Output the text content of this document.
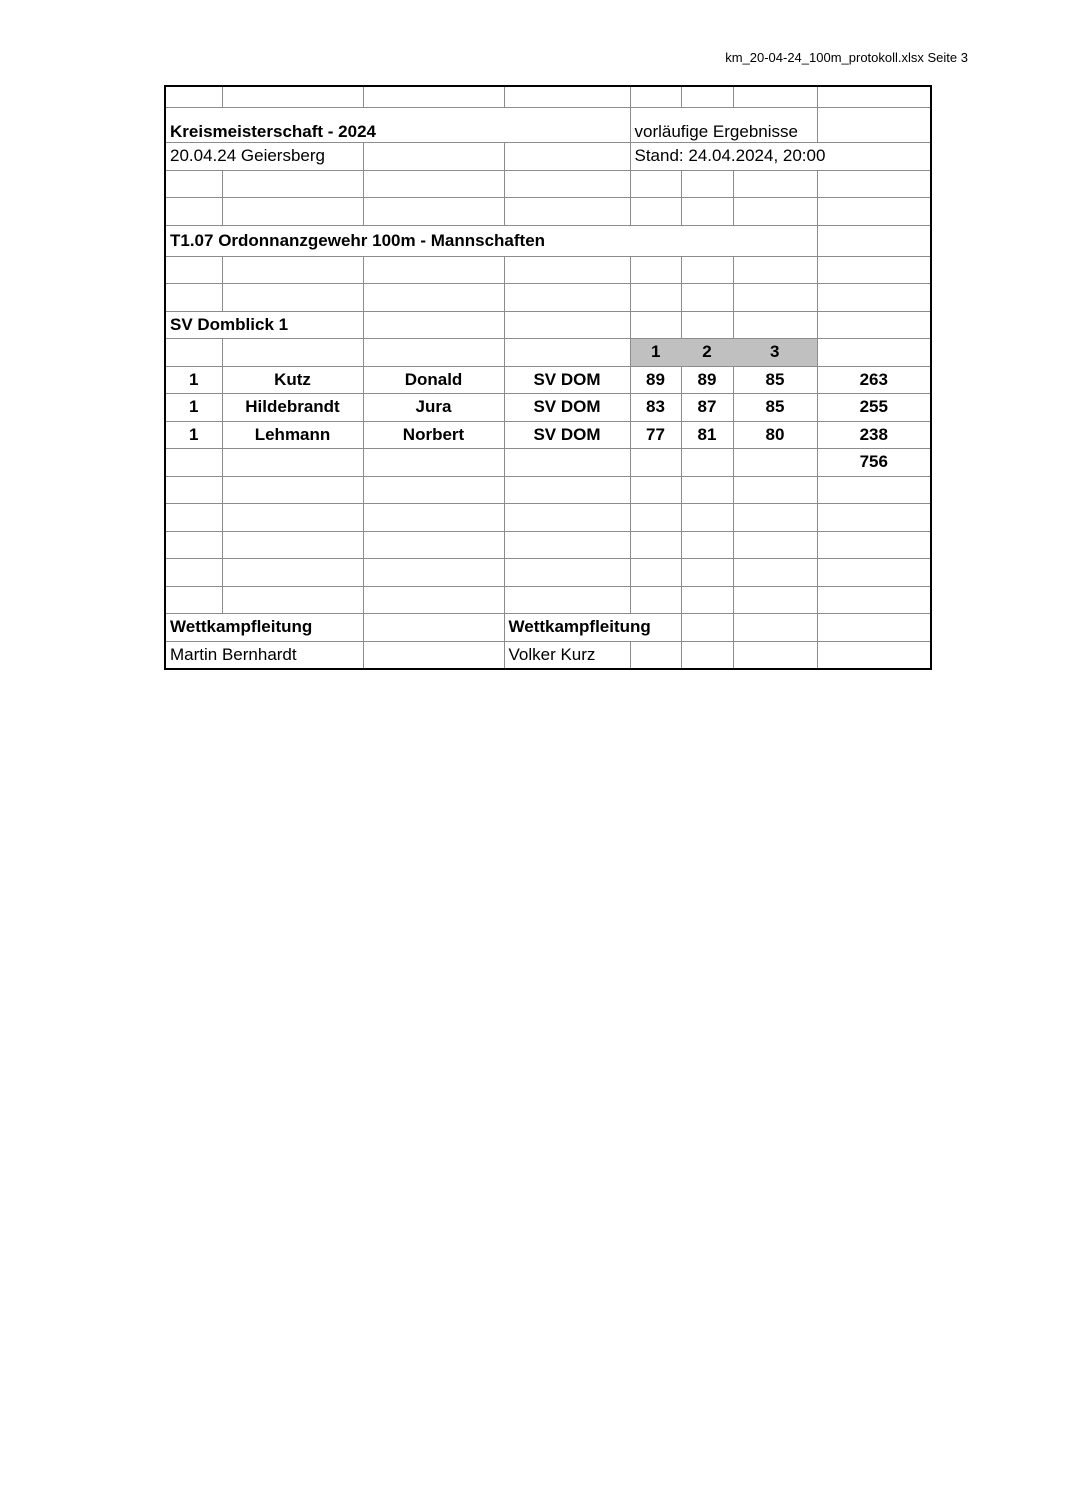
km_20-04-24_100m_protokoll.xlsx Seite 3

Kreismeisterschaft - 2024				vorläufige Ergebnisse			
20.04.24 Geiersberg				Stand: 24.04.2024, 20:00			

T1.07 Ordonnanzgewehr 100m - Mannschaften							

SV Domblick 1							
				1	2	3	
1	Kutz	Donald	SV DOM	89	89	85	263
1	Hildebrandt	Jura	SV DOM	83	87	85	255
1	Lehmann	Norbert	SV DOM	77	81	80	238
							756

Wettkampfleitung			Wettkampfleitung				
Martin Bernhardt			Volker Kurz				
